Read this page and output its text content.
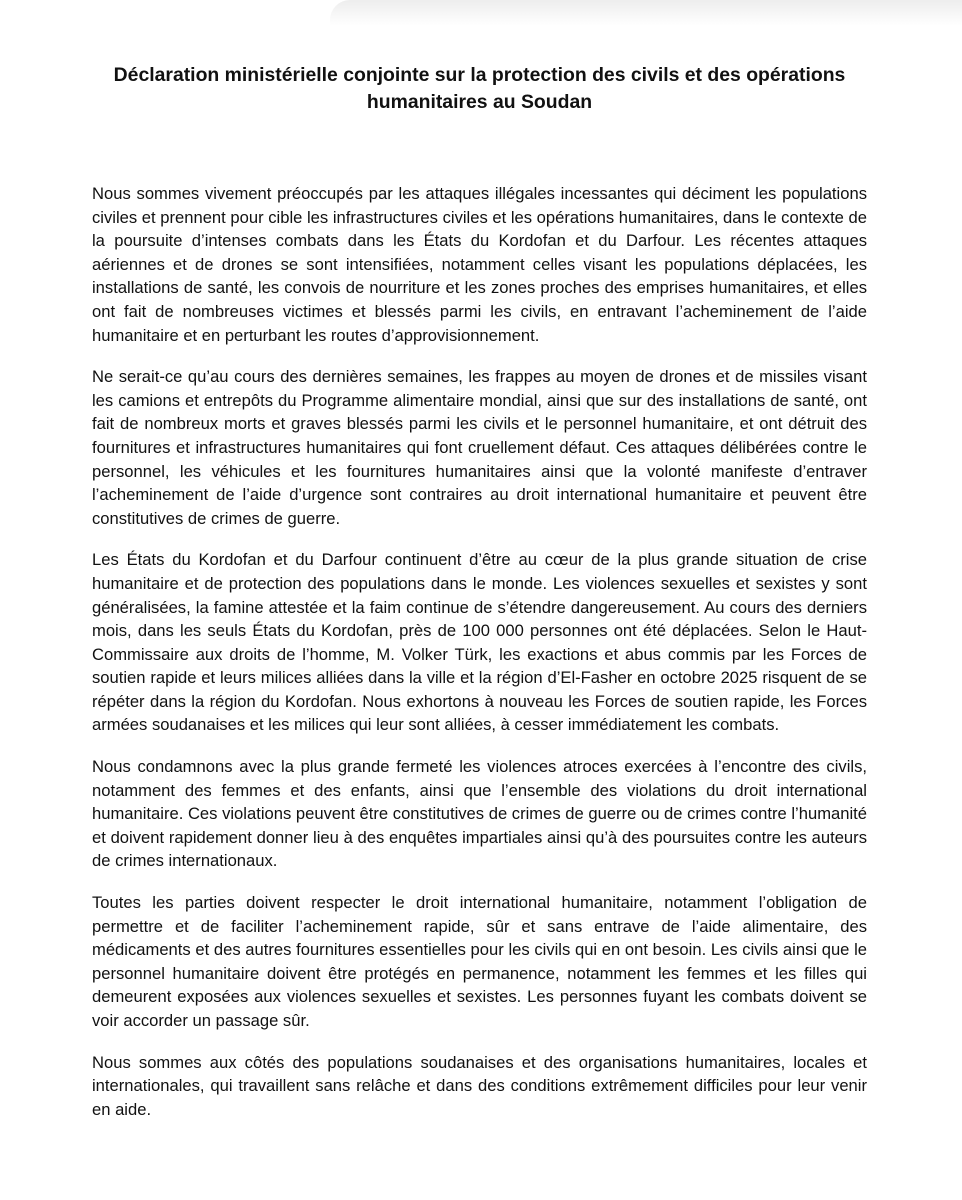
Déclaration ministérielle conjointe sur la protection des civils et des opérations humanitaires au Soudan

Nous sommes vivement préoccupés par les attaques illégales incessantes qui déciment les populations civiles et prennent pour cible les infrastructures civiles et les opérations humanitaires, dans le contexte de la poursuite d’intenses combats dans les États du Kordofan et du Darfour. Les récentes attaques aériennes et de drones se sont intensifiées, notamment celles visant les populations déplacées, les installations de santé, les convois de nourriture et les zones proches des emprises humanitaires, et elles ont fait de nombreuses victimes et blessés parmi les civils, en entravant l’acheminement de l’aide humanitaire et en perturbant les routes d’approvisionnement.

Ne serait-ce qu’au cours des dernières semaines, les frappes au moyen de drones et de missiles visant les camions et entrepôts du Programme alimentaire mondial, ainsi que sur des installations de santé, ont fait de nombreux morts et graves blessés parmi les civils et le personnel humanitaire, et ont détruit des fournitures et infrastructures humanitaires qui font cruellement défaut. Ces attaques délibérées contre le personnel, les véhicules et les fournitures humanitaires ainsi que la volonté manifeste d’entraver l’acheminement de l’aide d’urgence sont contraires au droit international humanitaire et peuvent être constitutives de crimes de guerre.

Les États du Kordofan et du Darfour continuent d’être au cœur de la plus grande situation de crise humanitaire et de protection des populations dans le monde. Les violences sexuelles et sexistes y sont généralisées, la famine attestée et la faim continue de s’étendre dangereusement. Au cours des derniers mois, dans les seuls États du Kordofan, près de 100 000 personnes ont été déplacées. Selon le Haut-Commissaire aux droits de l’homme, M. Volker Türk, les exactions et abus commis par les Forces de soutien rapide et leurs milices alliées dans la ville et la région d’El-Fasher en octobre 2025 risquent de se répéter dans la région du Kordofan. Nous exhortons à nouveau les Forces de soutien rapide, les Forces armées soudanaises et les milices qui leur sont alliées, à cesser immédiatement les combats.

Nous condamnons avec la plus grande fermeté les violences atroces exercées à l’encontre des civils, notamment des femmes et des enfants, ainsi que l’ensemble des violations du droit international humanitaire. Ces violations peuvent être constitutives de crimes de guerre ou de crimes contre l’humanité et doivent rapidement donner lieu à des enquêtes impartiales ainsi qu’à des poursuites contre les auteurs de crimes internationaux.

Toutes les parties doivent respecter le droit international humanitaire, notamment l’obligation de permettre et de faciliter l’acheminement rapide, sûr et sans entrave de l’aide alimentaire, des médicaments et des autres fournitures essentielles pour les civils qui en ont besoin. Les civils ainsi que le personnel humanitaire doivent être protégés en permanence, notamment les femmes et les filles qui demeurent exposées aux violences sexuelles et sexistes. Les personnes fuyant les combats doivent se voir accorder un passage sûr.

Nous sommes aux côtés des populations soudanaises et des organisations humanitaires, locales et internationales, qui travaillent sans relâche et dans des conditions extrêmement difficiles pour leur venir en aide.
